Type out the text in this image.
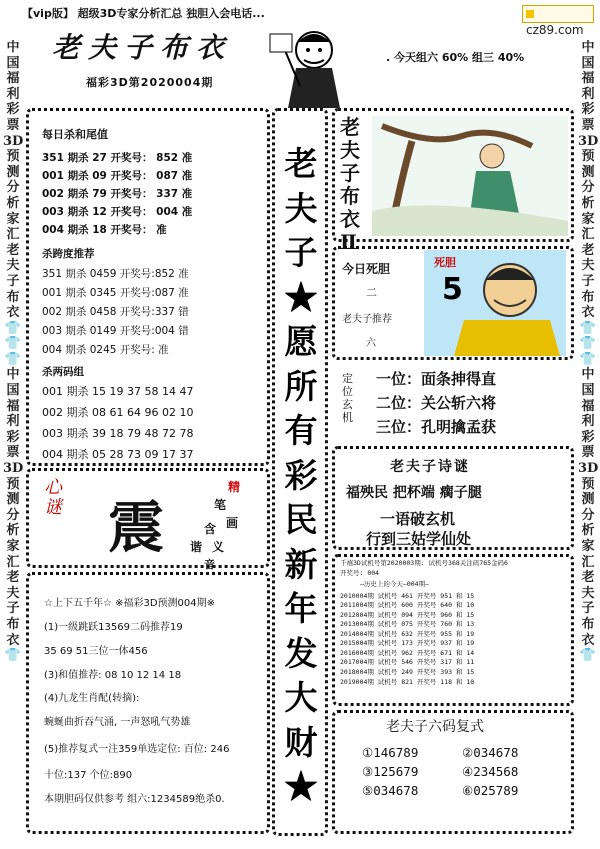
【vip版】 超级3D专家分析汇总 独胆入会电话...
cz89.com
中国福利彩票3D预测分析家汇老夫子布衣👕👕👕中国福利彩票3D预测分析家汇老夫子布衣👕
中国福利彩票3D预测分析家汇老夫子布衣👕👕👕中国福利彩票3D预测分析家汇老夫子布衣👕
老夫子布衣
福彩3D第2020004期
. 今天组六 60% 组三 40%
每日杀和尾值
351 期杀 27 开奖号： 852 准
001 期杀 09 开奖号： 087 准
002 期杀 79 开奖号： 337 准
003 期杀 12 开奖号： 004 准
004 期杀 18 开奖号： 准
杀跨度推荐
351 期杀 0459 开奖号:852 准
001 期杀 0345 开奖号:087 准
002 期杀 0458 开奖号:337 错
003 期杀 0149 开奖号:004 错
004 期杀 0245 开奖号: 准
杀两码组
001 期杀 15 19 37 58 14 47
002 期杀 08 61 64 96 02 10
003 期杀 39 18 79 48 72 78
004 期杀 05 28 73 09 17 37
心谜 震
精
笔
画
含
谐 义
音
☆上下五千年☆ ※福彩3D预测004期※
(1)一级跳跃13569二码推荐19
35 69 51三位一体456
(3)和值推荐: 08 10 12 14 18
(4)九龙生肖配(转摘):
蜿蜒曲折吞气涌, 一声怒吼气势雄
(5)推荐复式一注359单选定位: 百位: 246
十位:137 个位:890
本期胆码仅供参考 组六:1234589绝杀0.
老夫子★愿所有彩民新年发大财★
老夫子布衣Ⅱ
今日死胆
二
老夫子推荐
六
死胆
5
定位玄机
一位：面条抻得直
二位：关公斩六将
三位：孔明擒孟获
老夫子诗谜
福殃民 把杯端 瘸子腿
一语破玄机
行到三姑学仙处
千禧3D试机号第2020003期: 试机号368关注码765金码6
开奖号: 004
—历史上的今天—004期—
2010004期 试机号 461 开奖号 951 和 15
2011004期 试机号 600 开奖号 640 和 10
2012004期 试机号 094 开奖号 960 和 15
2013004期 试机号 075 开奖号 760 和 13
2014004期 试机号 632 开奖号 955 和 19
2015004期 试机号 173 开奖号 937 和 19
2016004期 试机号 962 开奖号 671 和 14
2017004期 试机号 546 开奖号 317 和 11
2018004期 试机号 249 开奖号 393 和 15
2019004期 试机号 821 开奖号 118 和 10
老夫子六码复式
①146789	②034678
③125679	④234568
⑤034678	⑥025789
